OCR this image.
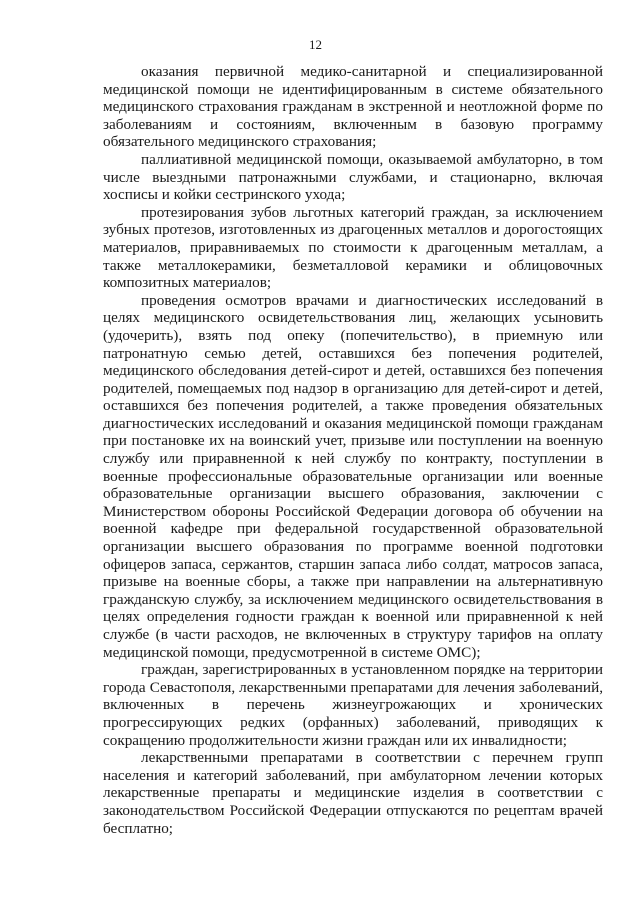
12

оказания первичной медико-санитарной и специализированной медицинской помощи не идентифицированным в системе обязательного медицинского страхования гражданам в экстренной и неотложной форме по заболеваниям и состояниям, включенным в базовую программу обязательного медицинского страхования;

паллиативной медицинской помощи, оказываемой амбулаторно, в том числе выездными патронажными службами, и стационарно, включая хосписы и койки сестринского ухода;

протезирования зубов льготных категорий граждан, за исключением зубных протезов, изготовленных из драгоценных металлов и дорогостоящих материалов, приравниваемых по стоимости к драгоценным металлам, а также металлокерамики, безметалловой керамики и облицовочных композитных материалов;

проведения осмотров врачами и диагностических исследований в целях медицинского освидетельствования лиц, желающих усыновить (удочерить), взять под опеку (попечительство), в приемную или патронатную семью детей, оставшихся без попечения родителей, медицинского обследования детей-сирот и детей, оставшихся без попечения родителей, помещаемых под надзор в организацию для детей-сирот и детей, оставшихся без попечения родителей, а также проведения обязательных диагностических исследований и оказания медицинской помощи гражданам при постановке их на воинский учет, призыве или поступлении на военную службу или приравненной к ней службу по контракту, поступлении в военные профессиональные образовательные организации или военные образовательные организации высшего образования, заключении с Министерством обороны Российской Федерации договора об обучении на военной кафедре при федеральной государственной образовательной организации высшего образования по программе военной подготовки офицеров запаса, сержантов, старшин запаса либо солдат, матросов запаса, призыве на военные сборы, а также при направлении на альтернативную гражданскую службу, за исключением медицинского освидетельствования в целях определения годности граждан к военной или приравненной к ней службе (в части расходов, не включенных в структуру тарифов на оплату медицинской помощи, предусмотренной в системе ОМС);

граждан, зарегистрированных в установленном порядке на территории города Севастополя, лекарственными препаратами для лечения заболеваний, включенных в перечень жизнеугрожающих и хронических прогрессирующих редких (орфанных) заболеваний, приводящих к сокращению продолжительности жизни граждан или их инвалидности;

лекарственными препаратами в соответствии с перечнем групп населения и категорий заболеваний, при амбулаторном лечении которых лекарственные препараты и медицинские изделия в соответствии с законодательством Российской Федерации отпускаются по рецептам врачей бесплатно;
